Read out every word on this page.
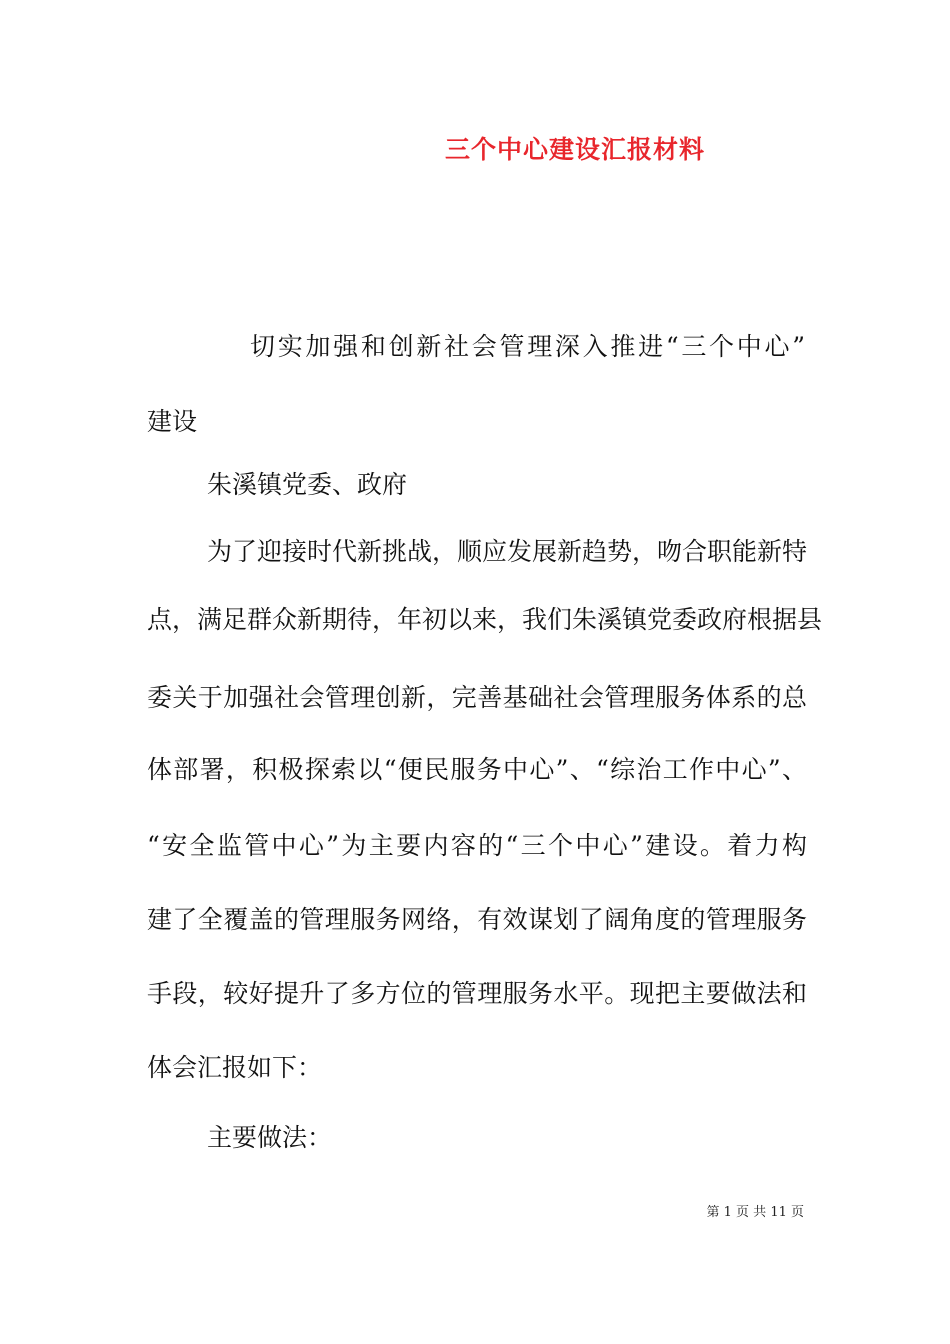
三个中心建设汇报材料
切实加强和创新社会管理深入推进“三个中心”
建设
朱溪镇党委、政府
为了迎接时代新挑战，顺应发展新趋势，吻合职能新特
点，满足群众新期待，年初以来，我们朱溪镇党委政府根据县
委关于加强社会管理创新，完善基础社会管理服务体系的总
体部署，积极探索以“便民服务中心”、“综治工作中心”、
“安全监管中心”为主要内容的“三个中心”建设。着力构
建了全覆盖的管理服务网络，有效谋划了阔角度的管理服务
手段，较好提升了多方位的管理服务水平。现把主要做法和
体会汇报如下：
主要做法：
第 1 页 共 11 页
